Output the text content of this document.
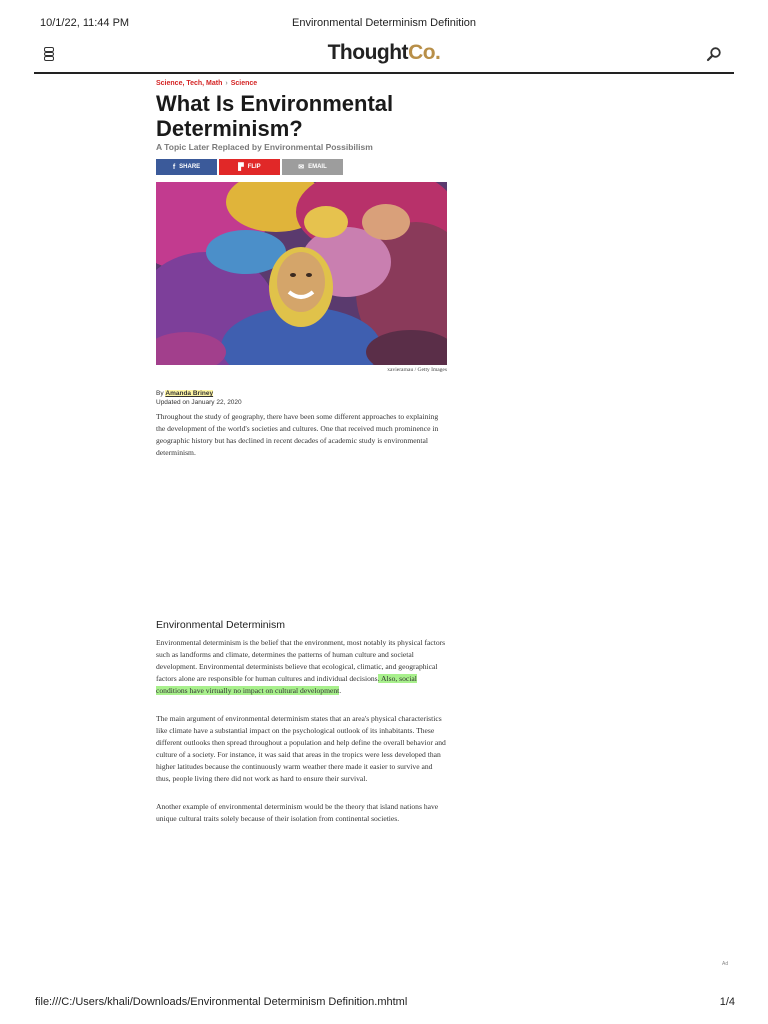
10/1/22, 11:44 PM	Environmental Determinism Definition
ThoughtCo.
Science, Tech, Math › Science
What Is Environmental Determinism?
A Topic Later Replaced by Environmental Possibilism
f SHARE	▛ FLIP	✉ EMAIL
xavierarnau / Getty Images
By Amanda Briney
Updated on January 22, 2020

Throughout the study of geography, there have been some different approaches to explaining the development of the world's societies and cultures. One that received much prominence in geographic history but has declined in recent decades of academic study is environmental determinism.

Environmental Determinism

Environmental determinism is the belief that the environment, most notably its physical factors such as landforms and climate, determines the patterns of human culture and societal development. Environmental determinists believe that ecological, climatic, and geographical factors alone are responsible for human cultures and individual decisions. Also, social conditions have virtually no impact on cultural development.

The main argument of environmental determinism states that an area's physical characteristics like climate have a substantial impact on the psychological outlook of its inhabitants. These different outlooks then spread throughout a population and help define the overall behavior and culture of a society. For instance, it was said that areas in the tropics were less developed than higher latitudes because the continuously warm weather there made it easier to survive and thus, people living there did not work as hard to ensure their survival.

Another example of environmental determinism would be the theory that island nations have unique cultural traits solely because of their isolation from continental societies.

Ad
file:///C:/Users/khali/Downloads/Environmental Determinism Definition.mhtml	1/4
